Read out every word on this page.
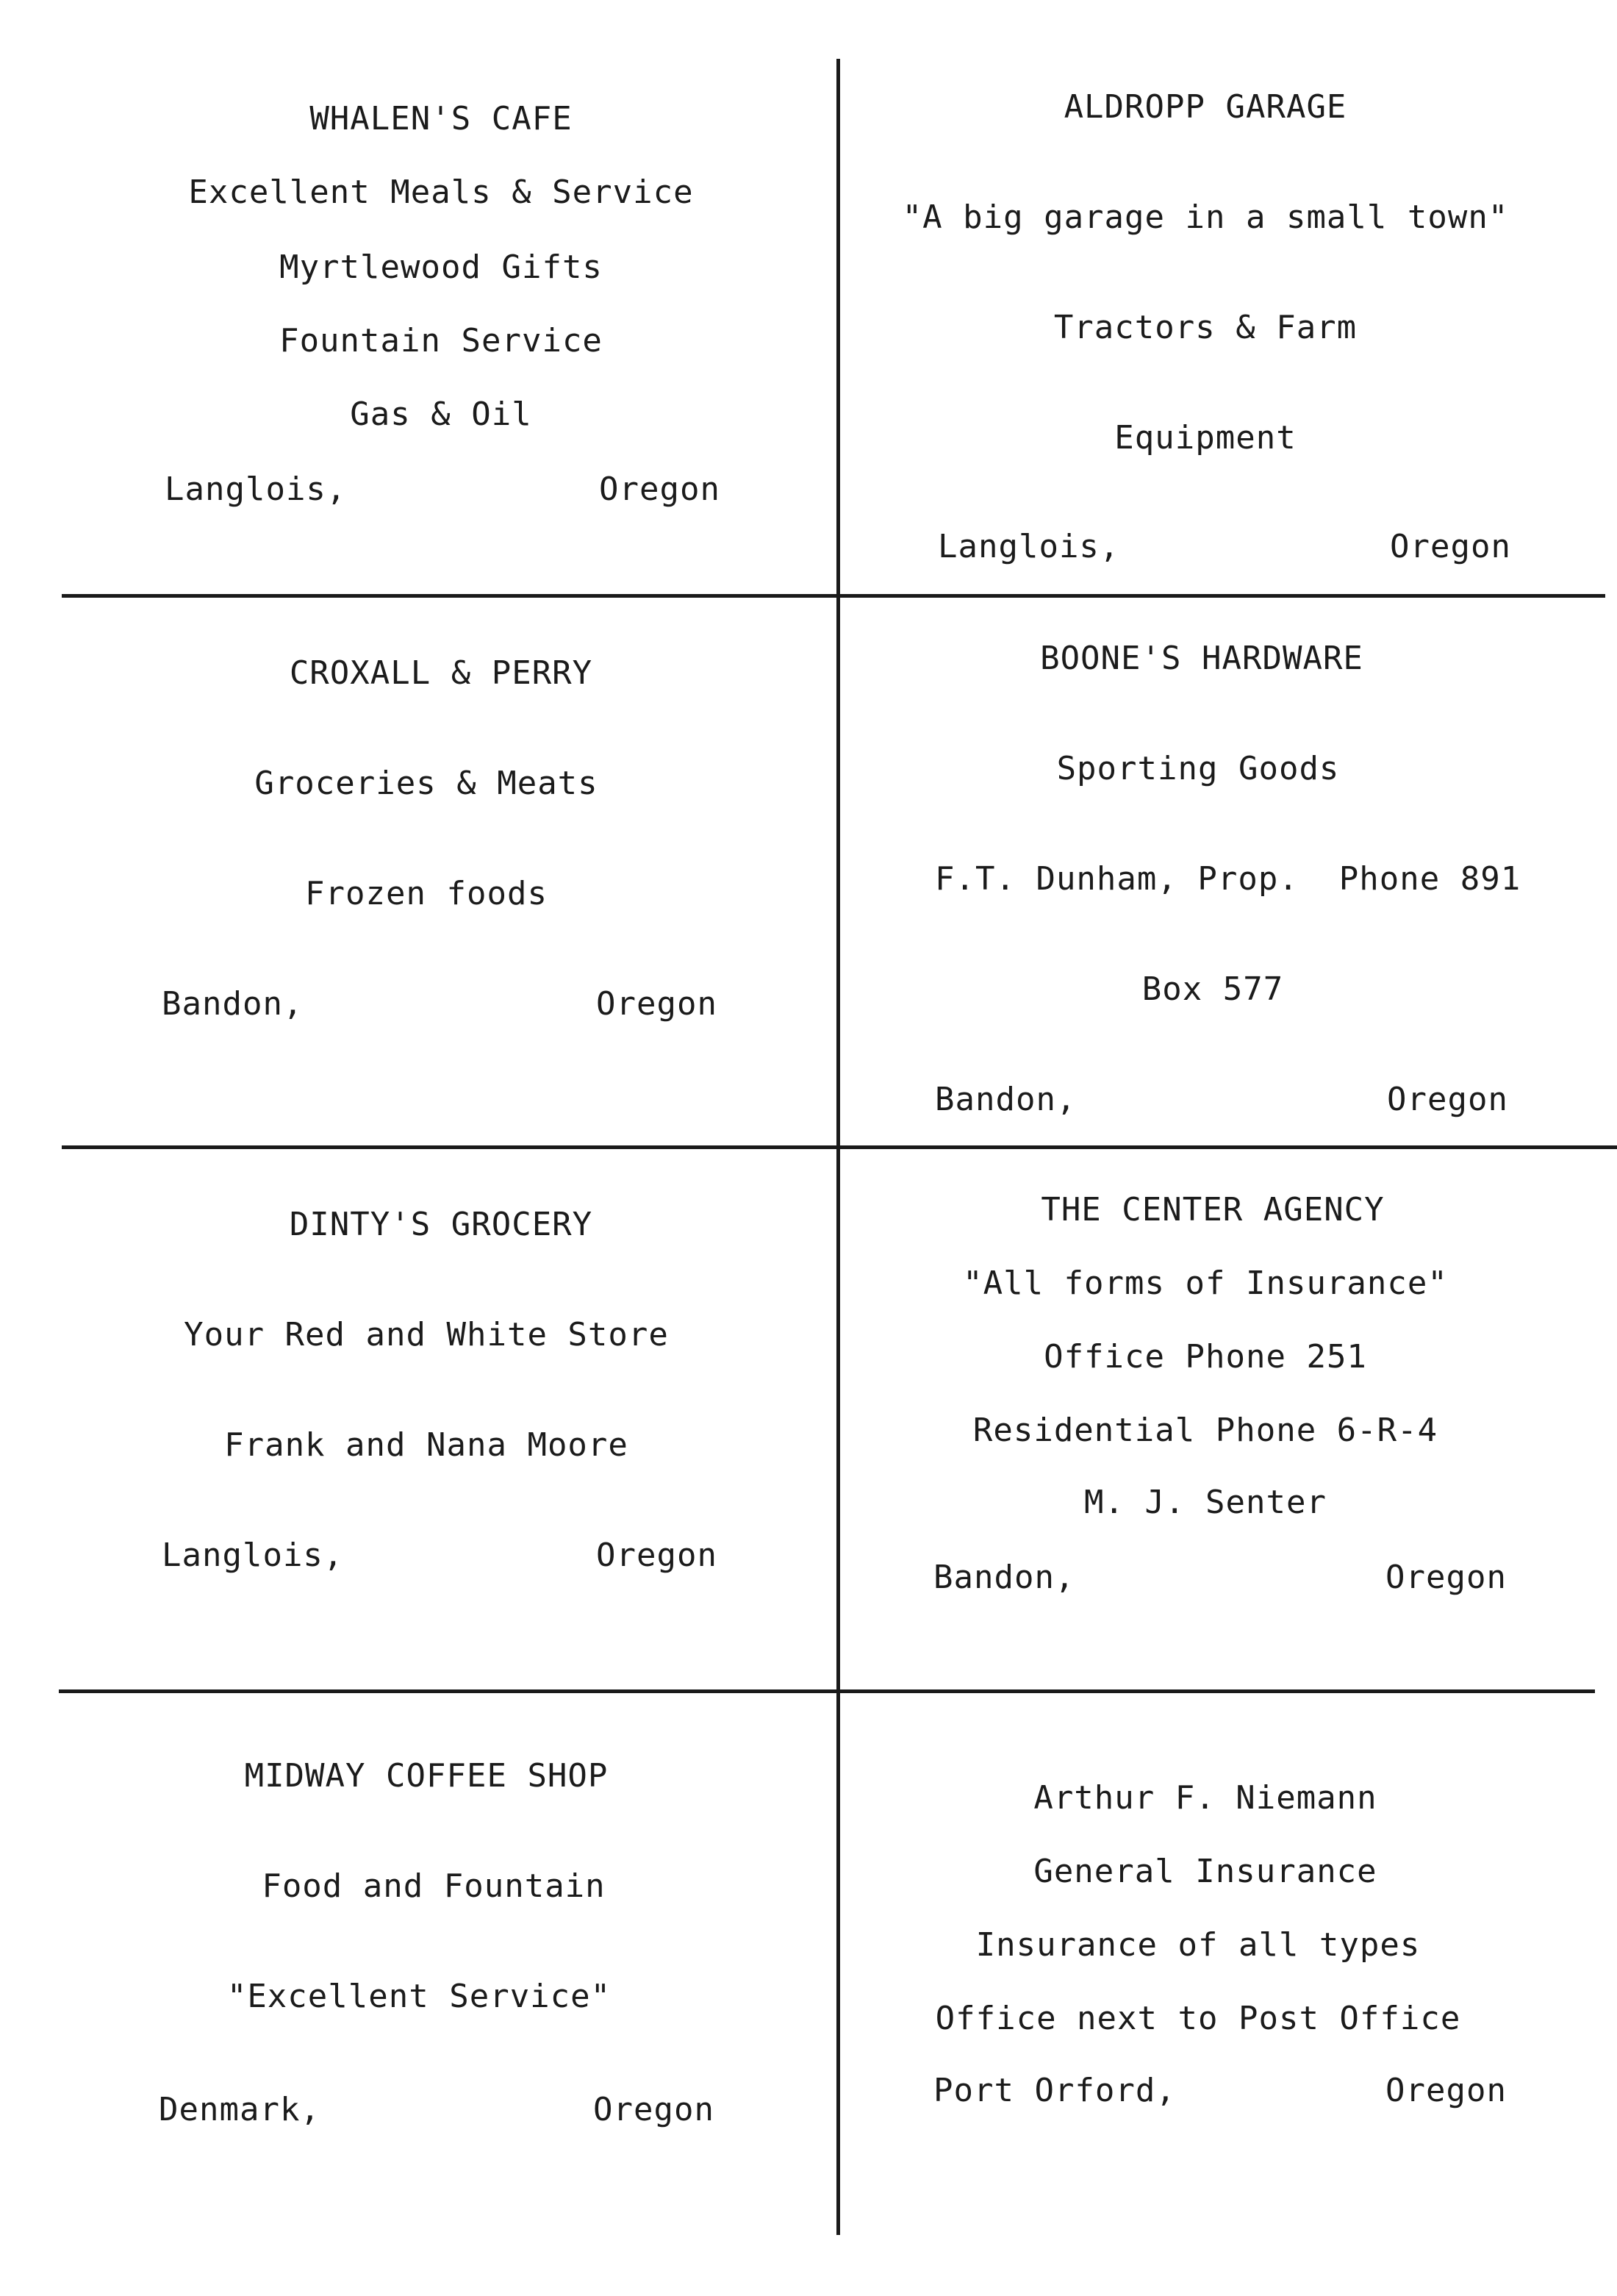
WHALEN'S CAFE
Excellent Meals & Service
Myrtlewood Gifts
Fountain Service
Gas & Oil
Langlois,	Oregon
ALDROPP GARAGE
"A big garage in a small town"
Tractors & Farm
Equipment
Langlois,	Oregon
CROXALL & PERRY
Groceries & Meats
Frozen foods
Bandon,	Oregon
BOONE'S HARDWARE
Sporting Goods
F.T. Dunham, Prop.  Phone 891
Box 577
Bandon,	Oregon
DINTY'S GROCERY
Your Red and White Store
Frank and Nana Moore
Langlois,	Oregon
THE CENTER AGENCY
"All forms of Insurance"
Office Phone 251
Residential Phone 6-R-4
M. J. Senter
Bandon,	Oregon
MIDWAY COFFEE SHOP
Food and Fountain
"Excellent Service"
Denmark,	Oregon
Arthur F. Niemann
General Insurance
Insurance of all types
Office next to Post Office
Port Orford,	Oregon
